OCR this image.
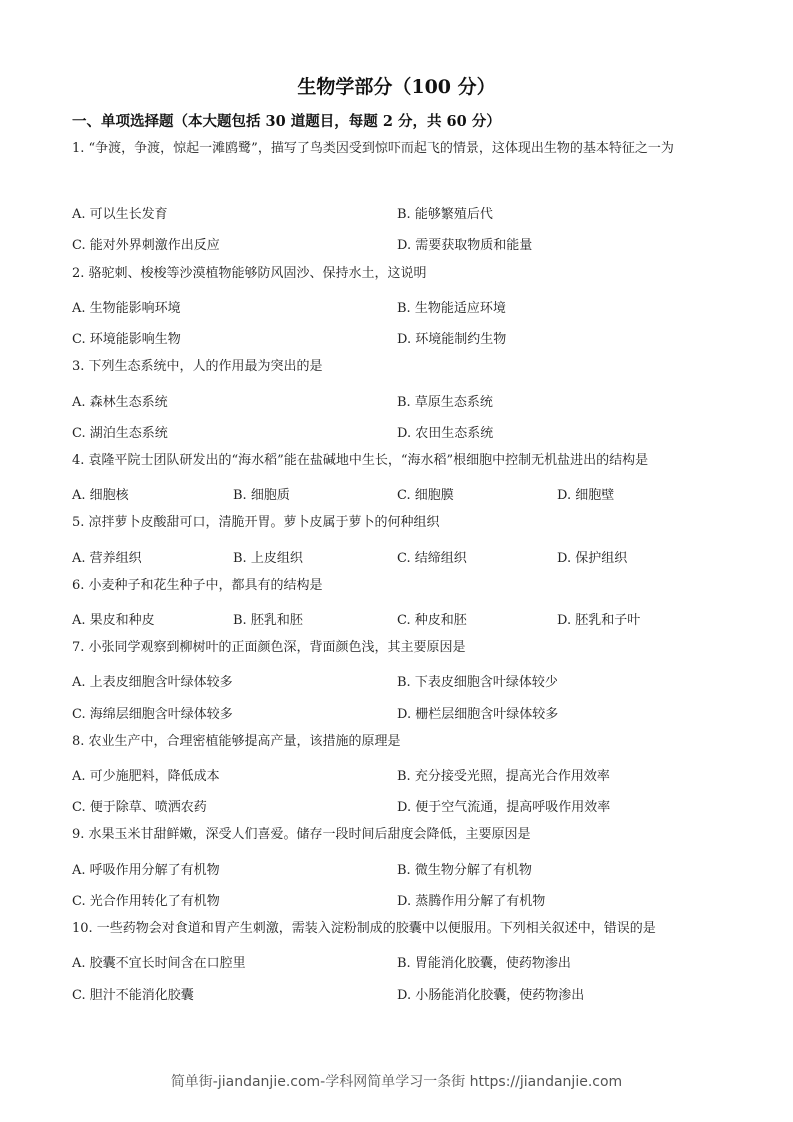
生物学部分（100 分）
一、单项选择题（本大题包括 30 道题目，每题 2 分，共 60 分）
1. “争渡，争渡，惊起一滩鸥鹭”，描写了鸟类因受到惊吓而起飞的情景，这体现出生物的基本特征之一为
A. 可以生长发育	B. 能够繁殖后代
C. 能对外界刺激作出反应	D. 需要获取物质和能量
2. 骆驼刺、梭梭等沙漠植物能够防风固沙、保持水土，这说明
A. 生物能影响环境	B. 生物能适应环境
C. 环境能影响生物	D. 环境能制约生物
3. 下列生态系统中，人的作用最为突出的是
A. 森林生态系统	B. 草原生态系统
C. 湖泊生态系统	D. 农田生态系统
4. 袁隆平院士团队研发出的“海水稻”能在盐碱地中生长，“海水稻”根细胞中控制无机盐进出的结构是
A. 细胞核	B. 细胞质	C. 细胞膜	D. 细胞壁
5. 凉拌萝卜皮酸甜可口，清脆开胃。萝卜皮属于萝卜的何种组织
A. 营养组织	B. 上皮组织	C. 结缔组织	D. 保护组织
6. 小麦种子和花生种子中，都具有的结构是
A. 果皮和种皮	B. 胚乳和胚	C. 种皮和胚	D. 胚乳和子叶
7. 小张同学观察到柳树叶的正面颜色深，背面颜色浅，其主要原因是
A. 上表皮细胞含叶绿体较多	B. 下表皮细胞含叶绿体较少
C. 海绵层细胞含叶绿体较多	D. 栅栏层细胞含叶绿体较多
8. 农业生产中，合理密植能够提高产量，该措施的原理是
A. 可少施肥料，降低成本	B. 充分接受光照，提高光合作用效率
C. 便于除草、喷洒农药	D. 便于空气流通，提高呼吸作用效率
9. 水果玉米甘甜鲜嫩，深受人们喜爱。储存一段时间后甜度会降低，主要原因是
A. 呼吸作用分解了有机物	B. 微生物分解了有机物
C. 光合作用转化了有机物	D. 蒸腾作用分解了有机物
10. 一些药物会对食道和胃产生刺激，需装入淀粉制成的胶囊中以便服用。下列相关叙述中，错误的是
A. 胶囊不宜长时间含在口腔里	B. 胃能消化胶囊，使药物渗出
C. 胆汁不能消化胶囊	D. 小肠能消化胶囊，使药物渗出
简单街-jiandanjie.com-学科网简单学习一条街 https://jiandanjie.com
